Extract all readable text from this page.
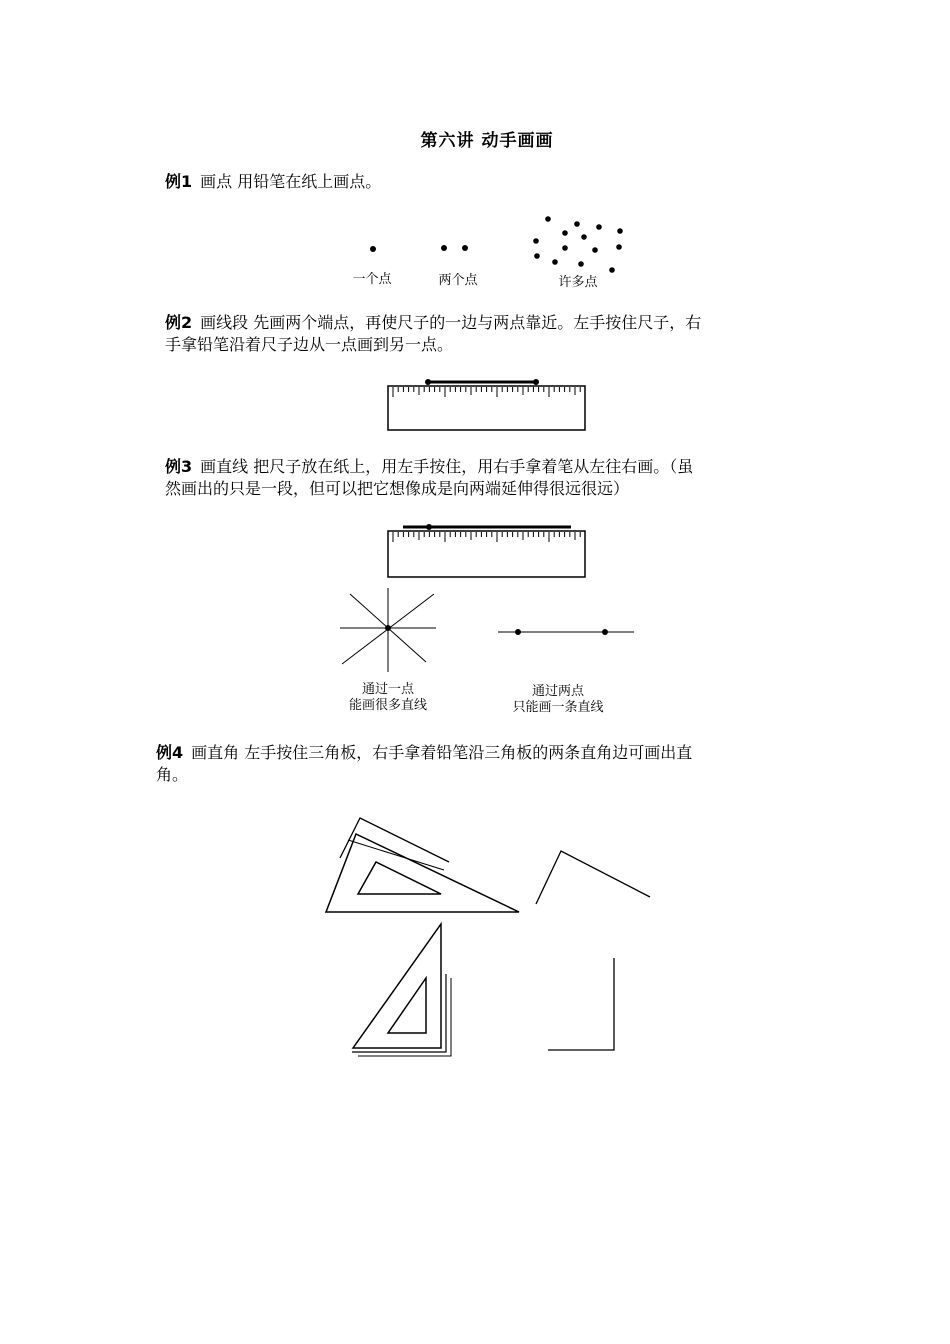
第六讲 动手画画
例1 画点 用铅笔在纸上画点。
例2 画线段 先画两个端点，再使尺子的一边与两点靠近。左手按住尺子，右
手拿铅笔沿着尺子边从一点画到另一点。
例3 画直线 把尺子放在纸上，用左手按住，用右手拿着笔从左往右画。（虽
然画出的只是一段，但可以把它想像成是向两端延伸得很远很远）
例4 画直角 左手按住三角板，右手拿着铅笔沿三角板的两条直角边可画出直
角。
一个点	两个点	许多点
通过一点
能画很多直线
通过两点
只能画一条直线
